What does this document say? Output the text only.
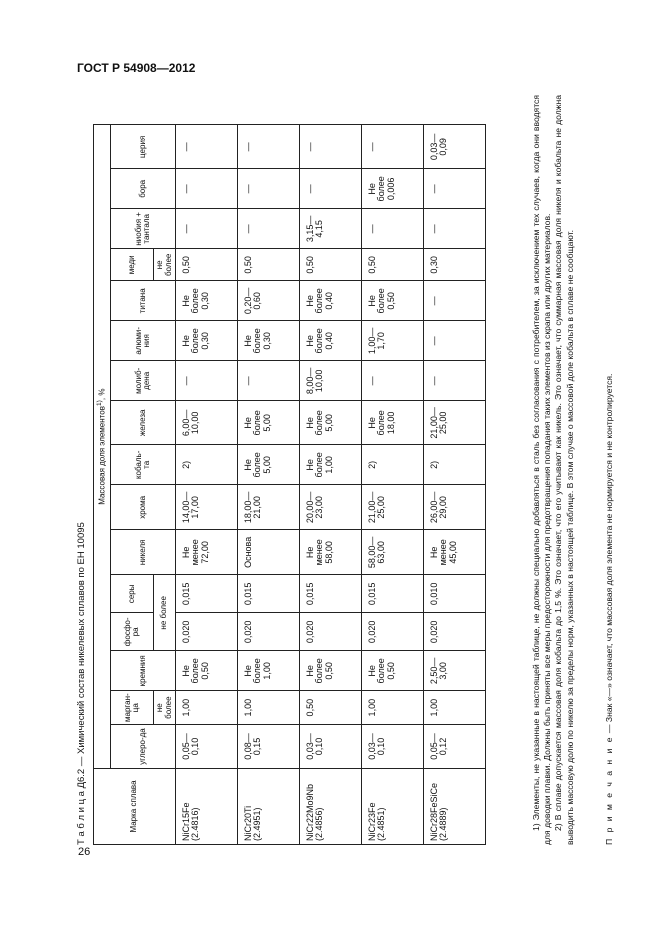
ГОСТ Р 54908—2012
26
Т а б л и ц а Д6.2 — Химический состав никелевых сплавов по ЕН 10095	Марка сплава	Массовая доля элементов$^{1)}$, %															
	углеро-да	марган-ца	кремния	фосфо-ра	серы	никеля	хрома	кобаль-та	железа	молиб-дена	алюми-ния	титана	меди	ниобия + тантала	бора	церия
		не более		не более									не более			
NiCr15Fe (2.4816)	0,05— 0,10	1,00	Не более 0,50	0,020	0,015	Не менее 72,00	14,00— 17,00	2)	6,00— 10,00	—	Не более 0,30	Не более 0,30	0,50	—	—	—
NiCr20Ti (2.4951)	0,08— 0,15	1,00	Не более 1,00	0,020	0,015	Основа	18,00— 21,00	Не более 5,00	Не более 5,00	—	Не более 0,30	0,20— 0,60	0,50	—	—	—
NiCr22Mo9Nb (2.4856)	0,03— 0,10	0,50	Не более 0,50	0,020	0,015	Не менее 58,00	20,00— 23,00	Не более 1,00	Не более 5,00	8,00— 10,00	Не более 0,40	Не более 0,40	0,50	3,15— 4,15	—	—
NiCr23Fe (2.4851)	0,03— 0,10	1,00	Не более 0,50	0,020	0,015	58,00— 63,00	21,00— 25,00	2)	Не более 18,00	—	1,00— 1,70	Не более 0,50	0,50	—	Не более 0,006	—
NiCr28FeSiCe (2.4889)	0,05— 0,12	1,00	2,50— 3,00	0,020	0,010	Не менее 45,00	26,00— 29,00	2)	21,00— 25,00	—	—	—	0,30	—	—	0,03— 0,09	1) Элементы, не указанные в настоящей таблице, не должны специально добавляться в сталь без согласования с потребителем, за исключением тех случаев, когда они вводятся для доводки плавки. Должны быть приняты все меры предосторожности для предотвращения попадания таких элементов из скрапа или других материалов. 2) В сплаве допускается массовая доля кобальта до 1,5 %. Это означает, что его учитывают как никель. Это означает, что суммарная массовая доля никеля и кобальта не должна выводить массовую долю по никелю за пределы норм, указанных в настоящей таблице. В этом случае о массовой доле кобальта в сплаве не сообщают.	П р и м е ч а н и е — Знак «—» означает, что массовая доля элемента не нормируется и не контролируется.
